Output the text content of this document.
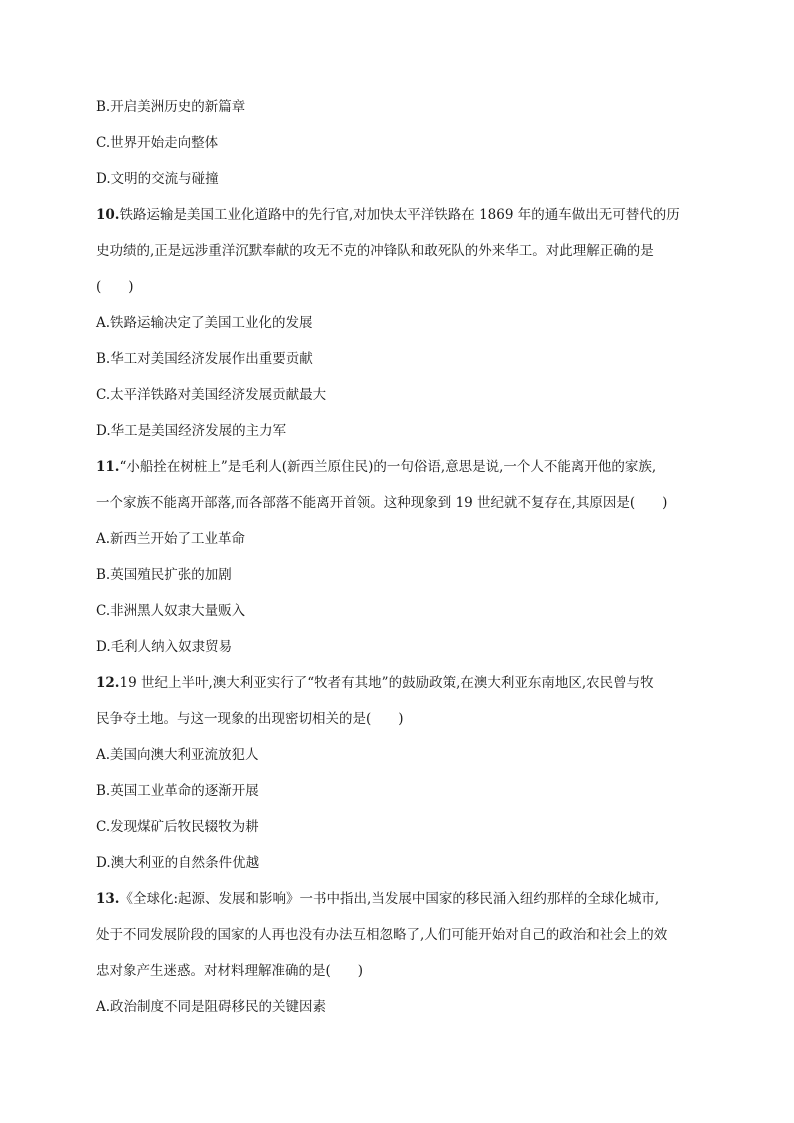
B.开启美洲历史的新篇章

C.世界开始走向整体

D.文明的交流与碰撞

10.铁路运输是美国工业化道路中的先行官,对加快太平洋铁路在 1869 年的通车做出无可替代的历

史功绩的,正是远涉重洋沉默奉献的攻无不克的冲锋队和敢死队的外来华工。对此理解正确的是

(　　)

A.铁路运输决定了美国工业化的发展

B.华工对美国经济发展作出重要贡献

C.太平洋铁路对美国经济发展贡献最大

D.华工是美国经济发展的主力军

11.“小船拴在树桩上”是毛利人(新西兰原住民)的一句俗语,意思是说,一个人不能离开他的家族,

一个家族不能离开部落,而各部落不能离开首领。这种现象到 19 世纪就不复存在,其原因是(　　)

A.新西兰开始了工业革命

B.英国殖民扩张的加剧

C.非洲黑人奴隶大量贩入

D.毛利人纳入奴隶贸易

12.19 世纪上半叶,澳大利亚实行了“牧者有其地”的鼓励政策,在澳大利亚东南地区,农民曾与牧

民争夺土地。与这一现象的出现密切相关的是(　　)

A.美国向澳大利亚流放犯人

B.英国工业革命的逐渐开展

C.发现煤矿后牧民辍牧为耕

D.澳大利亚的自然条件优越

13.《全球化:起源、发展和影响》一书中指出,当发展中国家的移民涌入纽约那样的全球化城市,

处于不同发展阶段的国家的人再也没有办法互相忽略了,人们可能开始对自己的政治和社会上的效

忠对象产生迷惑。对材料理解准确的是(　　)

A.政治制度不同是阻碍移民的关键因素
